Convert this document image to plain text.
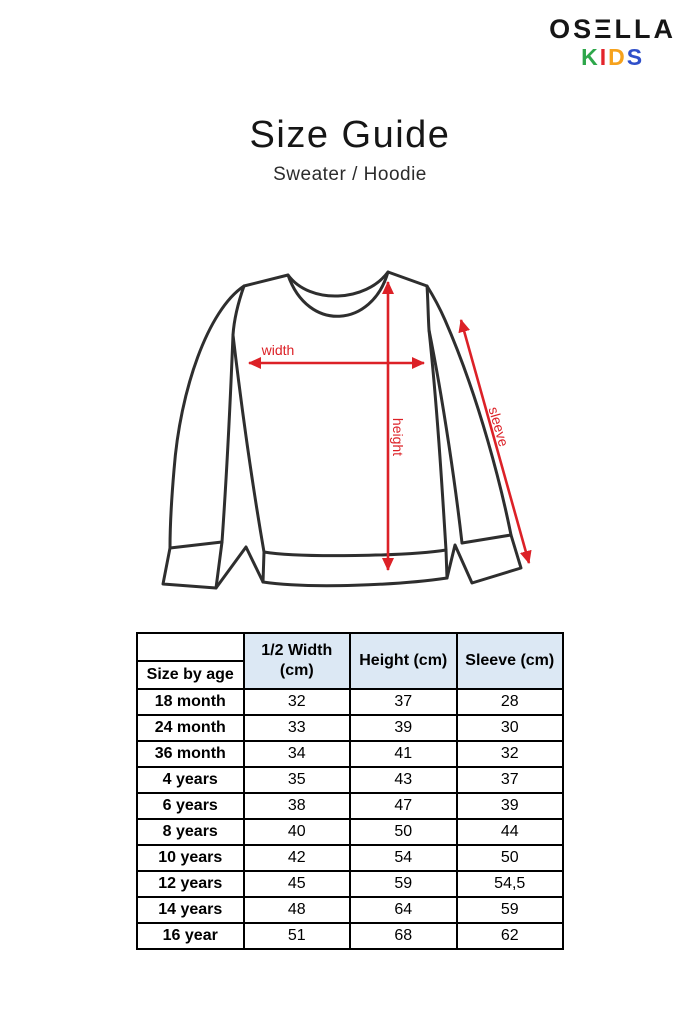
OSΞLLA
KIDS
Size Guide
Sweater / Hoodie
width
height	sleeve
Size by age	1/2 Width (cm)	Height (cm)	Sleeve (cm)
18 month	32	37	28
24 month	33	39	30
36 month	34	41	32
4 years	35	43	37
6 years	38	47	39
8 years	40	50	44
10 years	42	54	50
12 years	45	59	54,5
14 years	48	64	59
16 year	51	68	62
